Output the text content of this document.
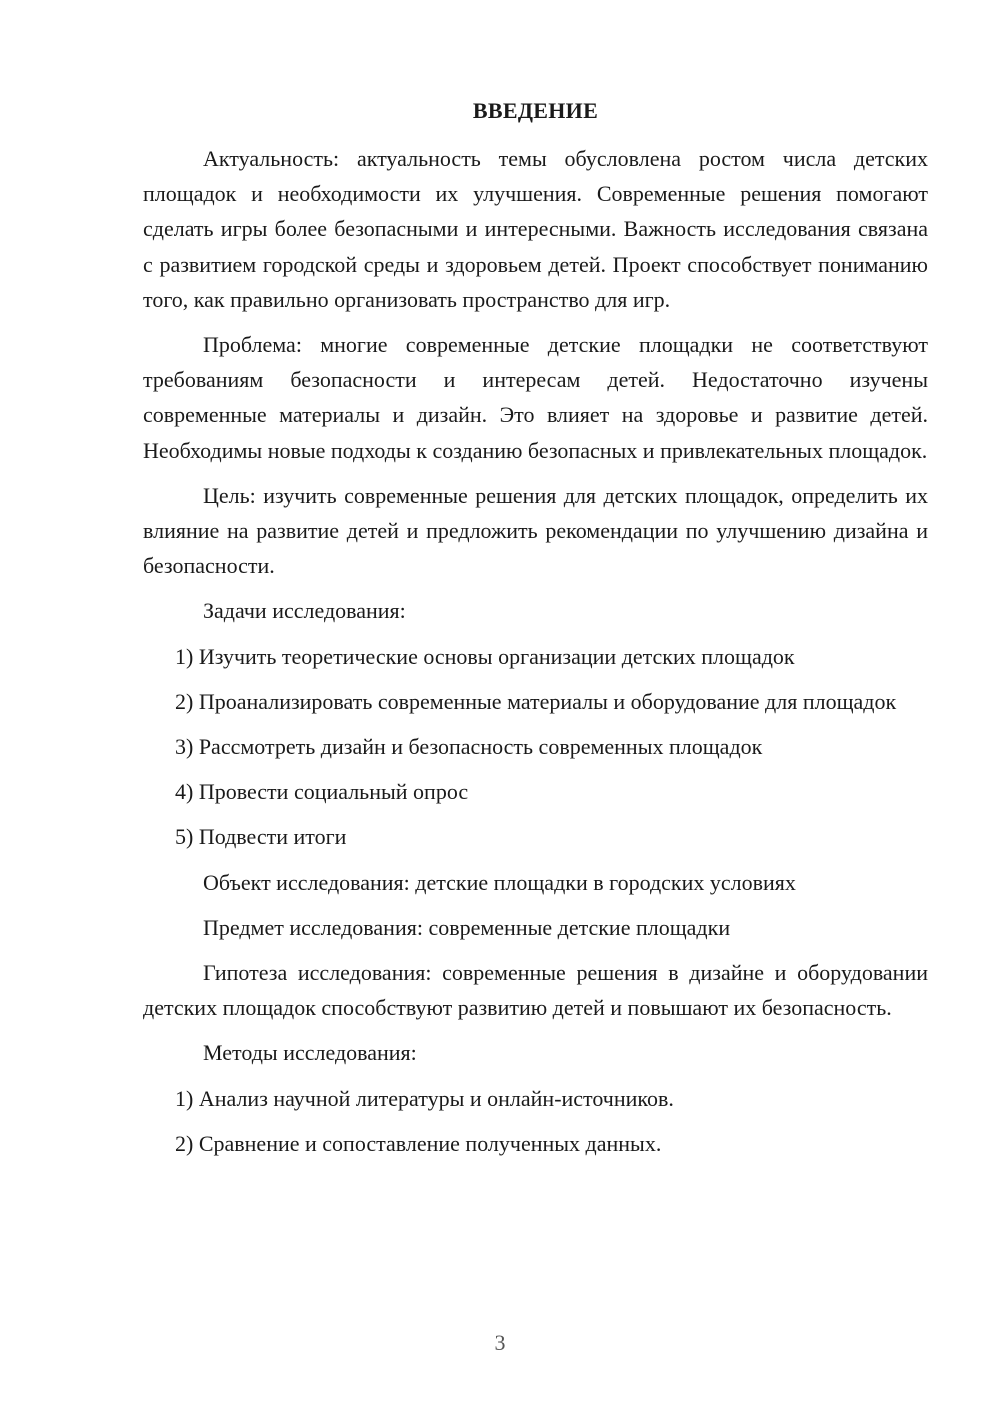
ВВЕДЕНИЕ

Актуальность: актуальность темы обусловлена ростом числа детских площадок и необходимости их улучшения. Современные решения помогают сделать игры более безопасными и интересными. Важность исследования связана с развитием городской среды и здоровьем детей. Проект способствует пониманию того, как правильно организовать пространство для игр.

Проблема: многие современные детские площадки не соответствуют требованиям безопасности и интересам детей. Недостаточно изучены современные материалы и дизайн. Это влияет на здоровье и развитие детей. Необходимы новые подходы к созданию безопасных и привлекательных площадок.

Цель: изучить современные решения для детских площадок, определить их влияние на развитие детей и предложить рекомендации по улучшению дизайна и безопасности.

Задачи исследования:

1) Изучить теоретические основы организации детских площадок

2) Проанализировать современные материалы и оборудование для площадок

3) Рассмотреть дизайн и безопасность современных площадок

4) Провести социальный опрос

5) Подвести итоги

Объект исследования: детские площадки в городских условиях

Предмет исследования: современные детские площадки

Гипотеза исследования: современные решения в дизайне и оборудовании детских площадок способствуют развитию детей и повышают их безопасность.

Методы исследования:

1) Анализ научной литературы и онлайн-источников.

2) Сравнение и сопоставление полученных данных.

3
